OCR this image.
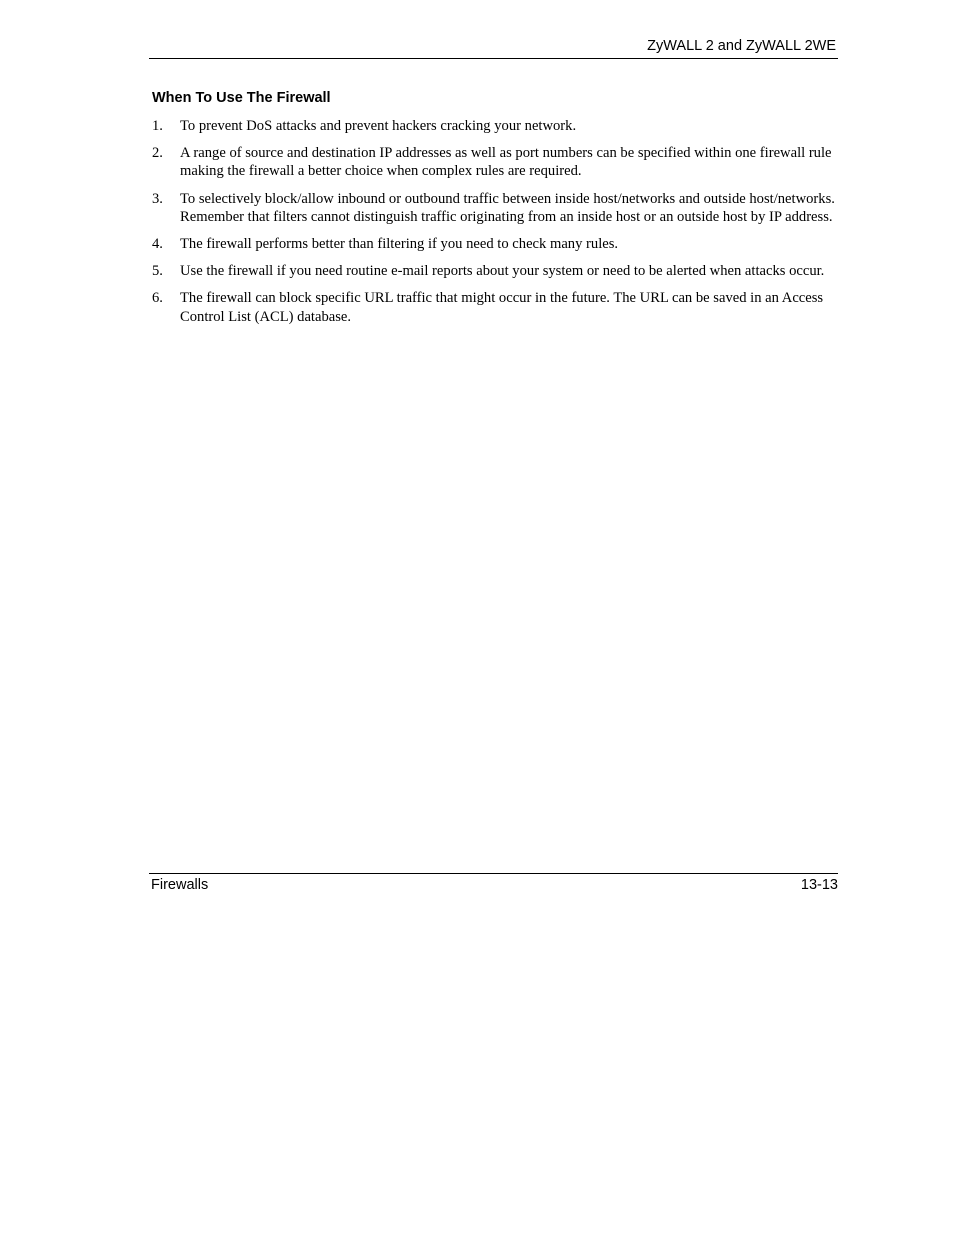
ZyWALL 2 and ZyWALL 2WE
When To Use The Firewall
1. To prevent DoS attacks and prevent hackers cracking your network.
2. A range of source and destination IP addresses as well as port numbers can be specified within one firewall rule making the firewall a better choice when complex rules are required.
3. To selectively block/allow inbound or outbound traffic between inside host/networks and outside host/networks. Remember that filters cannot distinguish traffic originating from an inside host or an outside host by IP address.
4. The firewall performs better than filtering if you need to check many rules.
5. Use the firewall if you need routine e-mail reports about your system or need to be alerted when attacks occur.
6. The firewall can block specific URL traffic that might occur in the future. The URL can be saved in an Access Control List (ACL) database.
Firewalls	13-13
